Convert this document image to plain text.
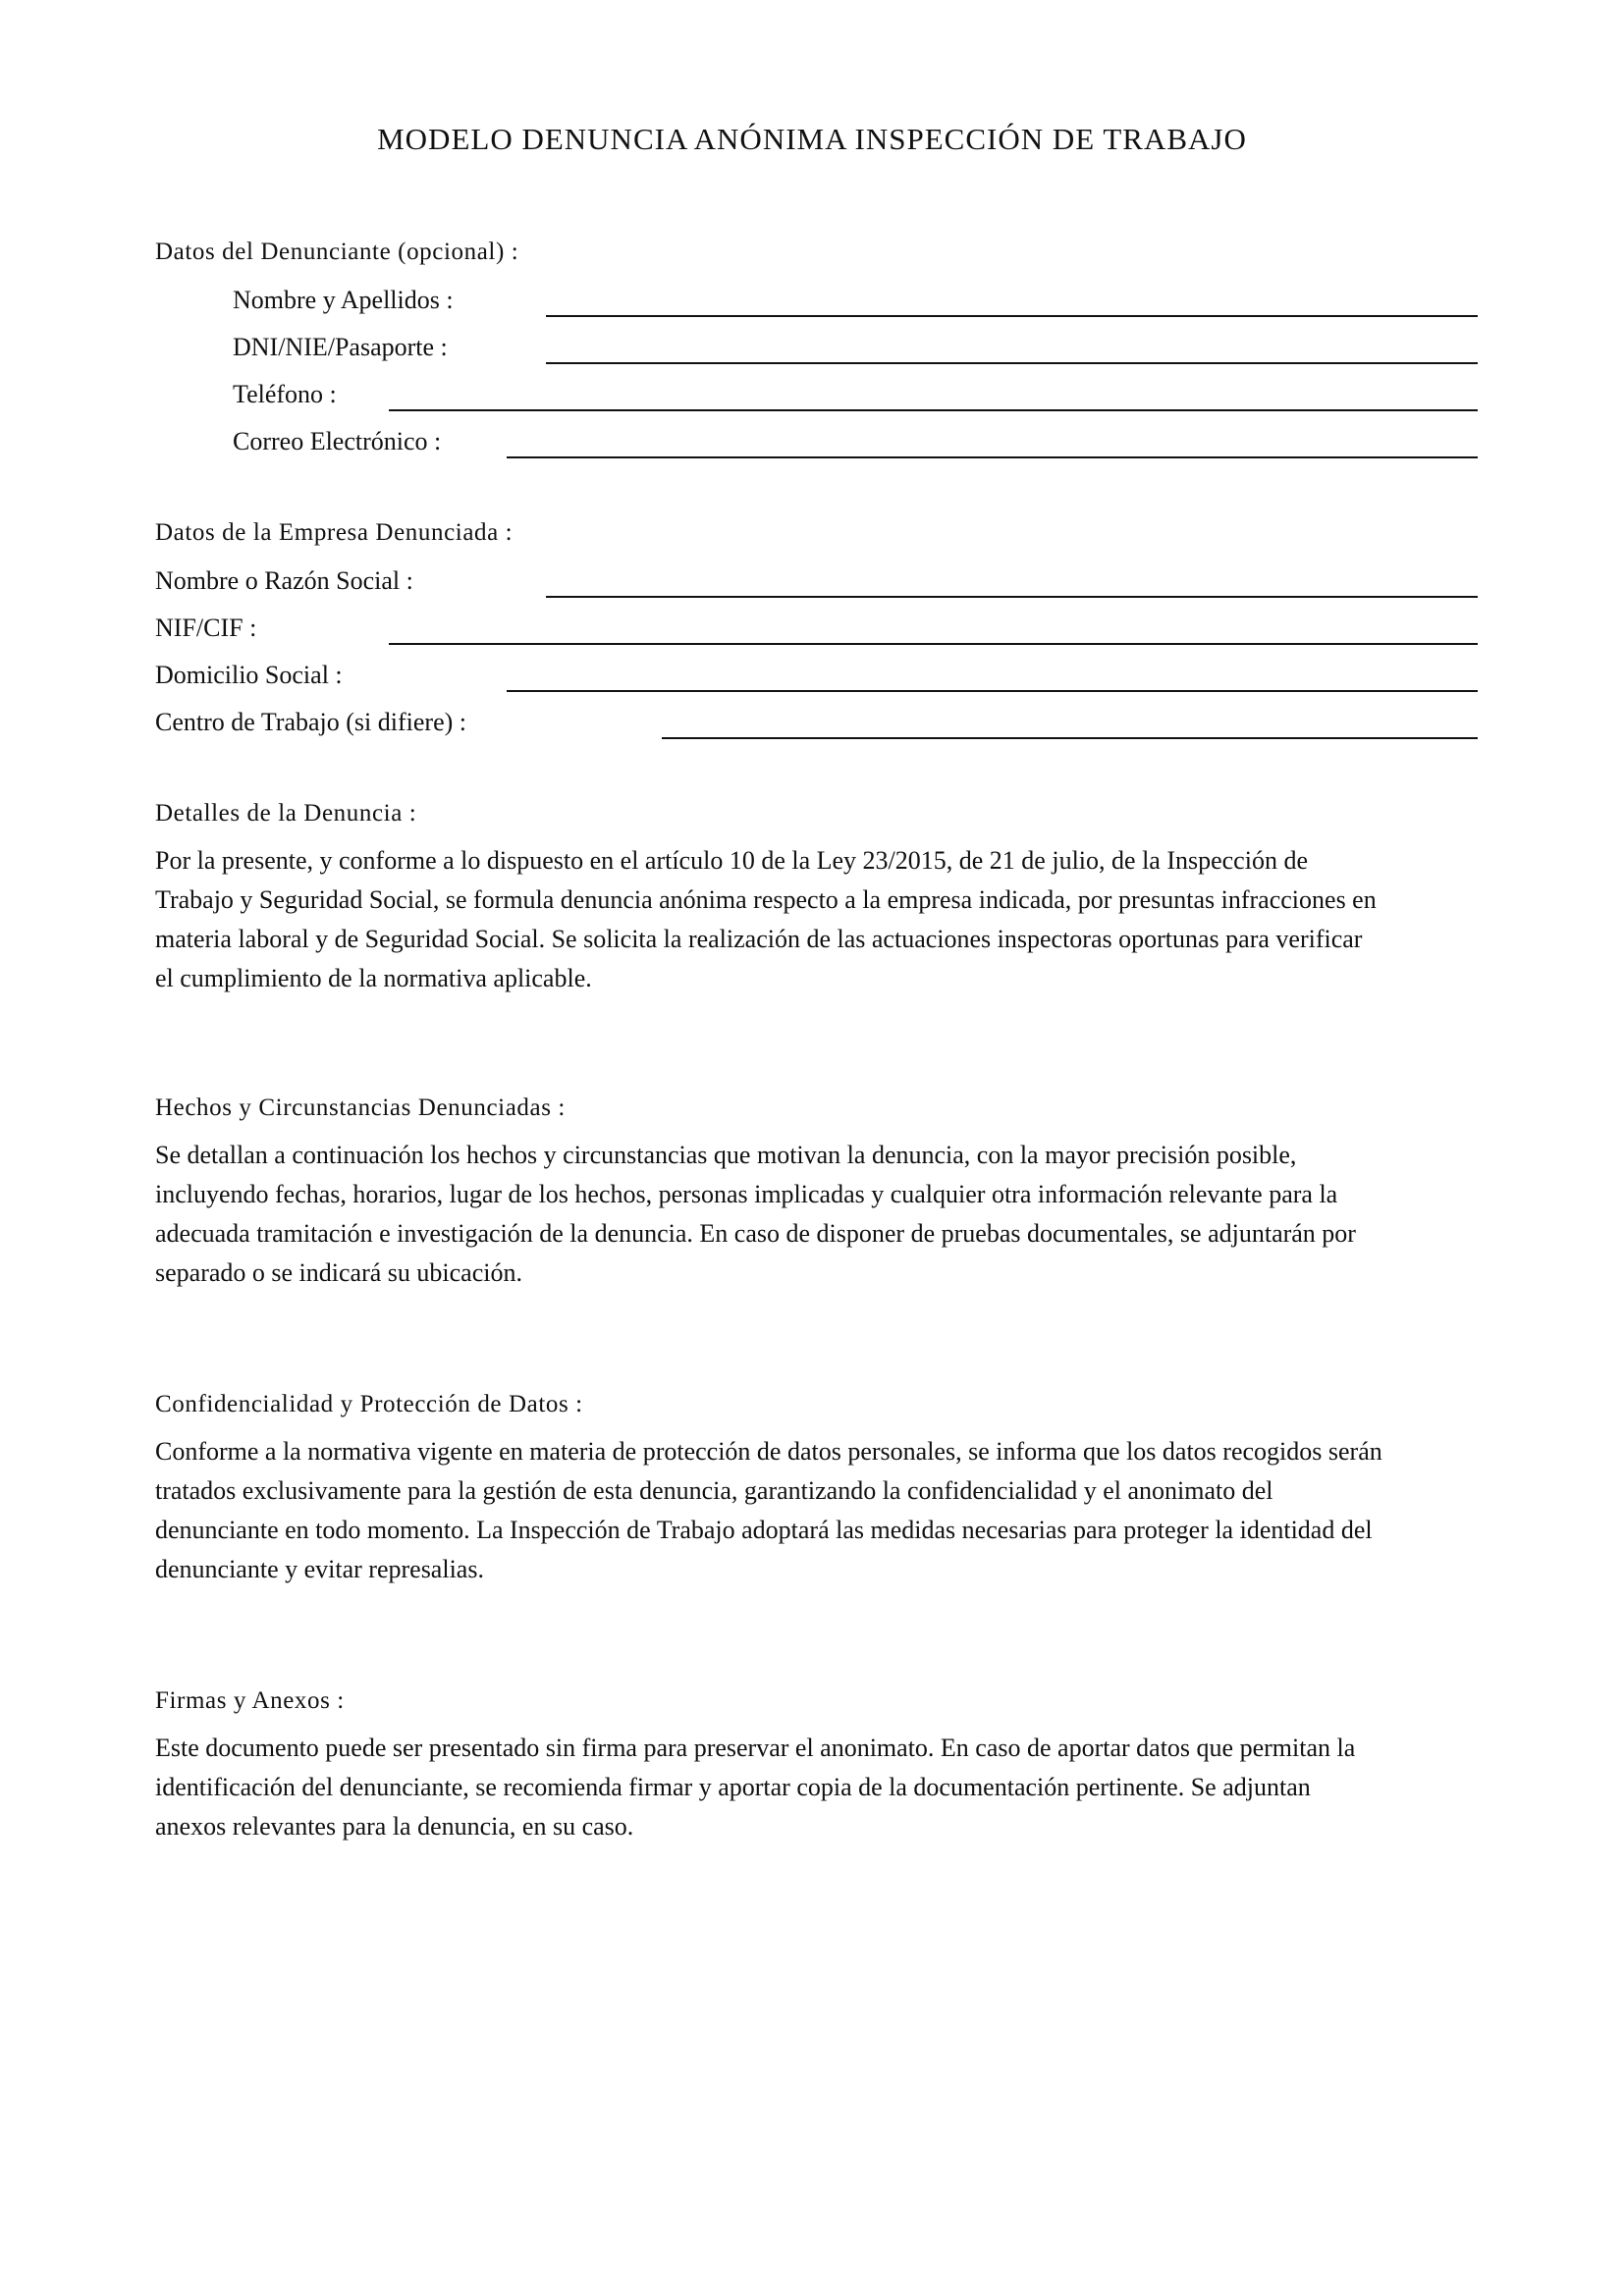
MODELO DENUNCIA ANÓNIMA INSPECCIÓN DE TRABAJO
Datos del Denunciante (opcional) :
Nombre y Apellidos :
DNI/NIE/Pasaporte :
Teléfono :
Correo Electrónico :
Datos de la Empresa Denunciada :
Nombre o Razón Social :
NIF/CIF :
Domicilio Social :
Centro de Trabajo (si difiere) :
Detalles de la Denuncia :
Por la presente, y conforme a lo dispuesto en el artículo 10 de la Ley 23/2015, de 21 de julio, de la Inspección de
Trabajo y Seguridad Social, se formula denuncia anónima respecto a la empresa indicada, por presuntas infracciones en
materia laboral y de Seguridad Social. Se solicita la realización de las actuaciones inspectoras oportunas para verificar
el cumplimiento de la normativa aplicable.
Hechos y Circunstancias Denunciadas :
Se detallan a continuación los hechos y circunstancias que motivan la denuncia, con la mayor precisión posible,
incluyendo fechas, horarios, lugar de los hechos, personas implicadas y cualquier otra información relevante para la
adecuada tramitación e investigación de la denuncia. En caso de disponer de pruebas documentales, se adjuntarán por
separado o se indicará su ubicación.
Confidencialidad y Protección de Datos :
Conforme a la normativa vigente en materia de protección de datos personales, se informa que los datos recogidos serán
tratados exclusivamente para la gestión de esta denuncia, garantizando la confidencialidad y el anonimato del
denunciante en todo momento. La Inspección de Trabajo adoptará las medidas necesarias para proteger la identidad del
denunciante y evitar represalias.
Firmas y Anexos :
Este documento puede ser presentado sin firma para preservar el anonimato. En caso de aportar datos que permitan la
identificación del denunciante, se recomienda firmar y aportar copia de la documentación pertinente. Se adjuntan
anexos relevantes para la denuncia, en su caso.
